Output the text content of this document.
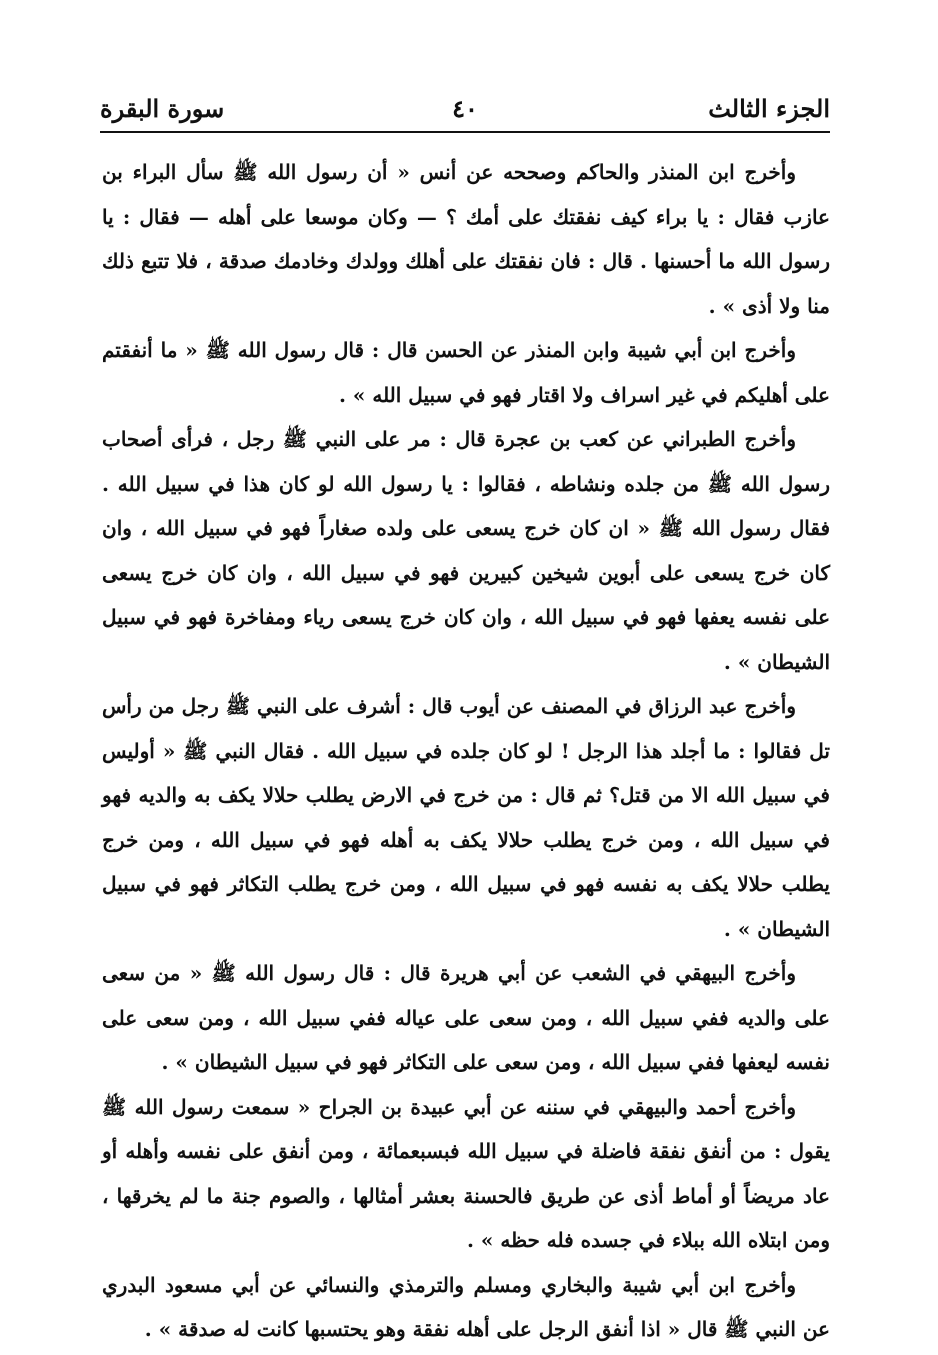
الجزء الثالث
٤٠
سورة البقرة

وأخرج ابن المنذر والحاكم وصححه عن أنس « أن رسول الله ﷺ سأل البراء بن عازب فقال : يا براء كيف نفقتك على أمك ؟ — وكان موسعا على أهله — فقال : يا رسول الله ما أحسنها . قال : فان نفقتك على أهلك وولدك وخادمك صدقة ، فلا تتبع ذلك منا ولا أذى » .

وأخرج ابن أبي شيبة وابن المنذر عن الحسن قال : قال رسول الله ﷺ « ما أنفقتم على أهليكم في غير اسراف ولا اقتار فهو في سبيل الله » .

وأخرج الطبراني عن كعب بن عجرة قال : مر على النبي ﷺ رجل ، فرأى أصحاب رسول الله ﷺ من جلده ونشاطه ، فقالوا : يا رسول الله لو كان هذا في سبيل الله . فقال رسول الله ﷺ « ان كان خرج يسعى على ولده صغاراً فهو في سبيل الله ، وان كان خرج يسعى على أبوين شيخين كبيرين فهو في سبيل الله ، وان كان خرج يسعى على نفسه يعفها فهو في سبيل الله ، وان كان خرج يسعى رياء ومفاخرة فهو في سبيل الشيطان » .

وأخرج عبد الرزاق في المصنف عن أيوب قال : أشرف على النبي ﷺ رجل من رأس تل فقالوا : ما أجلد هذا الرجل ! لو كان جلده في سبيل الله . فقال النبي ﷺ « أوليس في سبيل الله الا من قتل؟ ثم قال : من خرج في الارض يطلب حلالا يكف به والديه فهو في سبيل الله ، ومن خرج يطلب حلالا يكف به أهله فهو في سبيل الله ، ومن خرج يطلب حلالا يكف به نفسه فهو في سبيل الله ، ومن خرج يطلب التكاثر فهو في سبيل الشيطان » .

وأخرج البيهقي في الشعب عن أبي هريرة قال : قال رسول الله ﷺ « من سعى على والديه ففي سبيل الله ، ومن سعى على عياله ففي سبيل الله ، ومن سعى على نفسه ليعفها ففي سبيل الله ، ومن سعى على التكاثر فهو في سبيل الشيطان » .

وأخرج أحمد والبيهقي في سننه عن أبي عبيدة بن الجراح « سمعت رسول الله ﷺ يقول : من أنفق نفقة فاضلة في سبيل الله فبسبعمائة ، ومن أنفق على نفسه وأهله أو عاد مريضاً أو أماط أذى عن طريق فالحسنة بعشر أمثالها ، والصوم جنة ما لم يخرقها ، ومن ابتلاه الله ببلاء في جسده فله حظه » .

وأخرج ابن أبي شيبة والبخاري ومسلم والترمذي والنسائي عن أبي مسعود البدري عن النبي ﷺ قال « اذا أنفق الرجل على أهله نفقة وهو يحتسبها كانت له صدقة » .
